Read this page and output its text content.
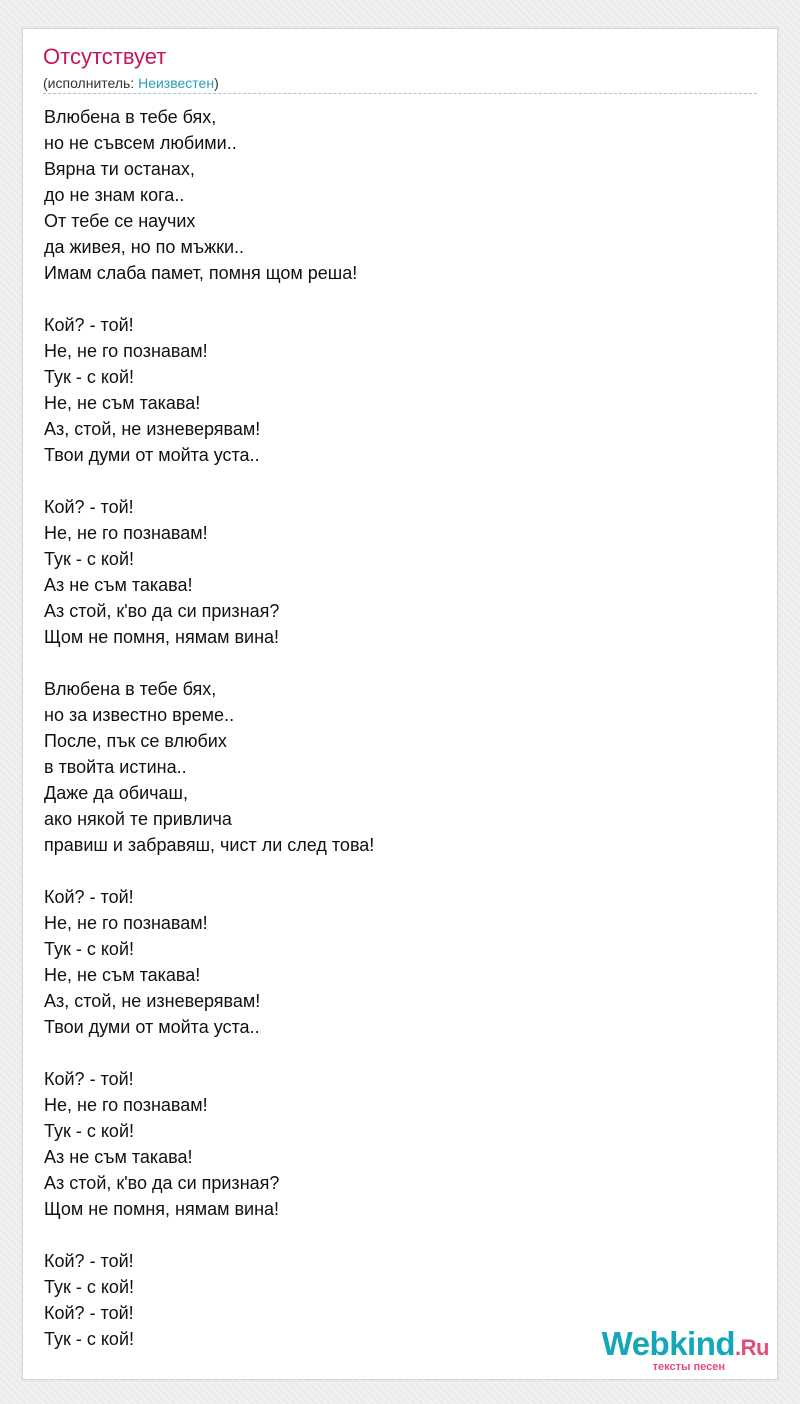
Отсутствует
(исполнитель: Неизвестен)
Влюбена в тебе бях,
но не съвсем любими..
Вярна ти останах,
до не знам кога..
От тебе се научих
да живея, но по мъжки..
Имам слаба памет, помня щом реша!
Кой? - той!
Не, не го познавам!
Тук - с кой!
Не, не съм такава!
Аз, стой, не изневерявам!
Твои думи от мойта уста..
Кой? - той!
Не, не го познавам!
Тук - с кой!
Аз не съм такава!
Аз стой, к'во да си призная?
Щом не помня, нямам вина!
Влюбена в тебе бях,
но за известно време..
После, пък се влюбих
в твойта истина..
Даже да обичаш,
ако някой те привлича
правиш и забравяш, чист ли след това!
Кой? - той!
Не, не го познавам!
Тук - с кой!
Не, не съм такава!
Аз, стой, не изневерявам!
Твои думи от мойта уста..
Кой? - той!
Не, не го познавам!
Тук - с кой!
Аз не съм такава!
Аз стой, к'во да си призная?
Щом не помня, нямам вина!
Кой? - той!
Тук - с кой!
Кой? - той!
Тук - с кой!	Webkind.Ru
тексты песен
